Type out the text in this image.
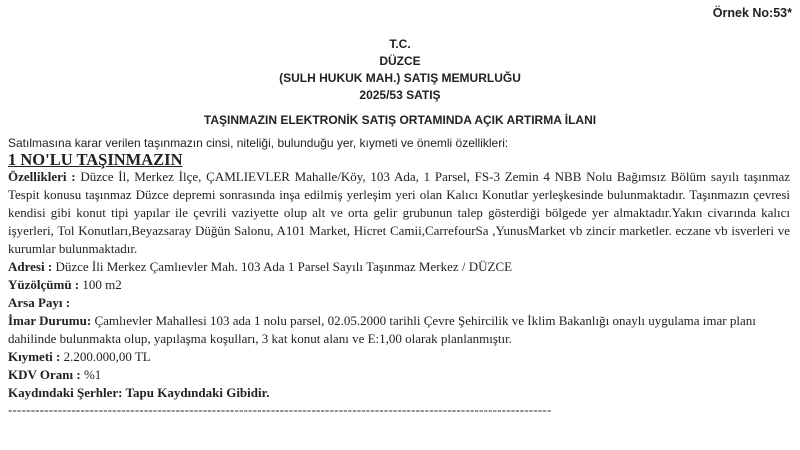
Örnek No:53*
T.C.
DÜZCE
(SULH HUKUK MAH.) SATIŞ MEMURLUĞU
2025/53 SATIŞ
TAŞINMAZIN ELEKTRONİK SATIŞ ORTAMINDA AÇIK ARTIRMA İLANI
Satılmasına karar verilen taşınmazın cinsi, niteliği, bulunduğu yer, kıymeti ve önemli özellikleri:
1 NO'LU TAŞINMAZIN

Özellikleri : Düzce İl, Merkez İlçe, ÇAMLIEVLER Mahalle/Köy, 103 Ada, 1 Parsel, FS-3 Zemin 4 NBB Nolu Bağımsız Bölüm sayılı taşınmaz Tespit konusu taşınmaz Düzce depremi sonrasında inşa edilmiş yerleşim yeri olan Kalıcı Konutlar yerleşkesinde bulunmaktadır. Taşınmazın çevresi kendisi gibi konut tipi yapılar ile çevrili vaziyette olup alt ve orta gelir grubunun talep gösterdiği bölgede yer almaktadır.Yakın civarında kalıcı işyerleri, Tol Konutları,Beyazsaray Düğün Salonu, A101 Market, Hicret Camii,CarrefourSa ,YunusMarket vb zincir marketler. eczane vb isverleri ve kurumlar bulunmaktadır.

Adresi : Düzce İli Merkez Çamlıevler Mah. 103 Ada 1 Parsel Sayılı Taşınmaz Merkez / DÜZCE

Yüzölçümü : 100 m2

Arsa Payı :

İmar Durumu: Çamlıevler Mahallesi 103 ada 1 nolu parsel, 02.05.2000 tarihli Çevre Şehircilik ve İklim Bakanlığı onaylı uygulama imar planı dahilinde bulunmakta olup, yapılaşma koşulları, 3 kat konut alanı ve E:1,00 olarak planlanmıştır.

Kıymeti : 2.200.000,00 TL

KDV Oranı : %1

Kaydındaki Şerhler: Tapu Kaydındaki Gibidir.

------------------------------------------------------------------------------------------------------------------------
